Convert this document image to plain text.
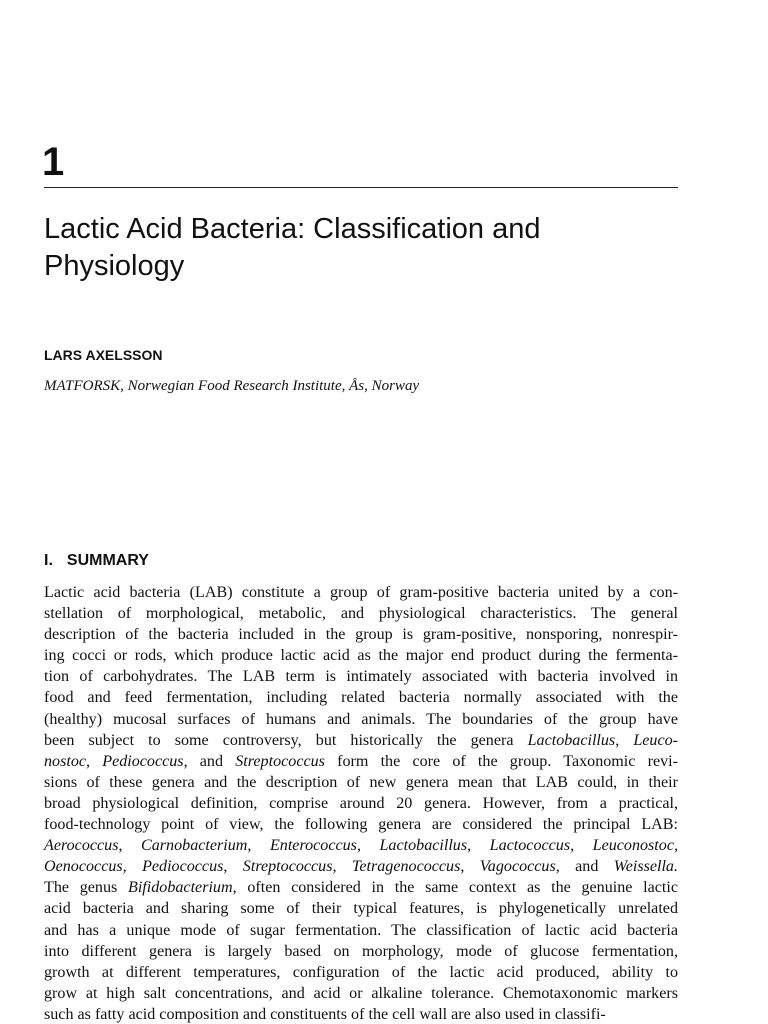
1
Lactic Acid Bacteria: Classification and
Physiology
LARS AXELSSON
MATFORSK, Norwegian Food Research Institute, Ås, Norway
I. SUMMARY
Lactic acid bacteria (LAB) constitute a group of gram-positive bacteria united by a con-
stellation of morphological, metabolic, and physiological characteristics. The general
description of the bacteria included in the group is gram-positive, nonsporing, nonrespir-
ing cocci or rods, which produce lactic acid as the major end product during the fermenta-
tion of carbohydrates. The LAB term is intimately associated with bacteria involved in
food and feed fermentation, including related bacteria normally associated with the
(healthy) mucosal surfaces of humans and animals. The boundaries of the group have
been subject to some controversy, but historically the genera Lactobacillus, Leuco-
nostoc, Pediococcus, and Streptococcus form the core of the group. Taxonomic revi-
sions of these genera and the description of new genera mean that LAB could, in their
broad physiological definition, comprise around 20 genera. However, from a practical,
food-technology point of view, the following genera are considered the principal LAB:
Aerococcus, Carnobacterium, Enterococcus, Lactobacillus, Lactococcus, Leuconostoc,
Oenococcus, Pediococcus, Streptococcus, Tetragenococcus, Vagococcus, and Weissella.
The genus Bifidobacterium, often considered in the same context as the genuine lactic
acid bacteria and sharing some of their typical features, is phylogenetically unrelated
and has a unique mode of sugar fermentation. The classification of lactic acid bacteria
into different genera is largely based on morphology, mode of glucose fermentation,
growth at different temperatures, configuration of the lactic acid produced, ability to
grow at high salt concentrations, and acid or alkaline tolerance. Chemotaxonomic markers
such as fatty acid composition and constituents of the cell wall are also used in classifi-
